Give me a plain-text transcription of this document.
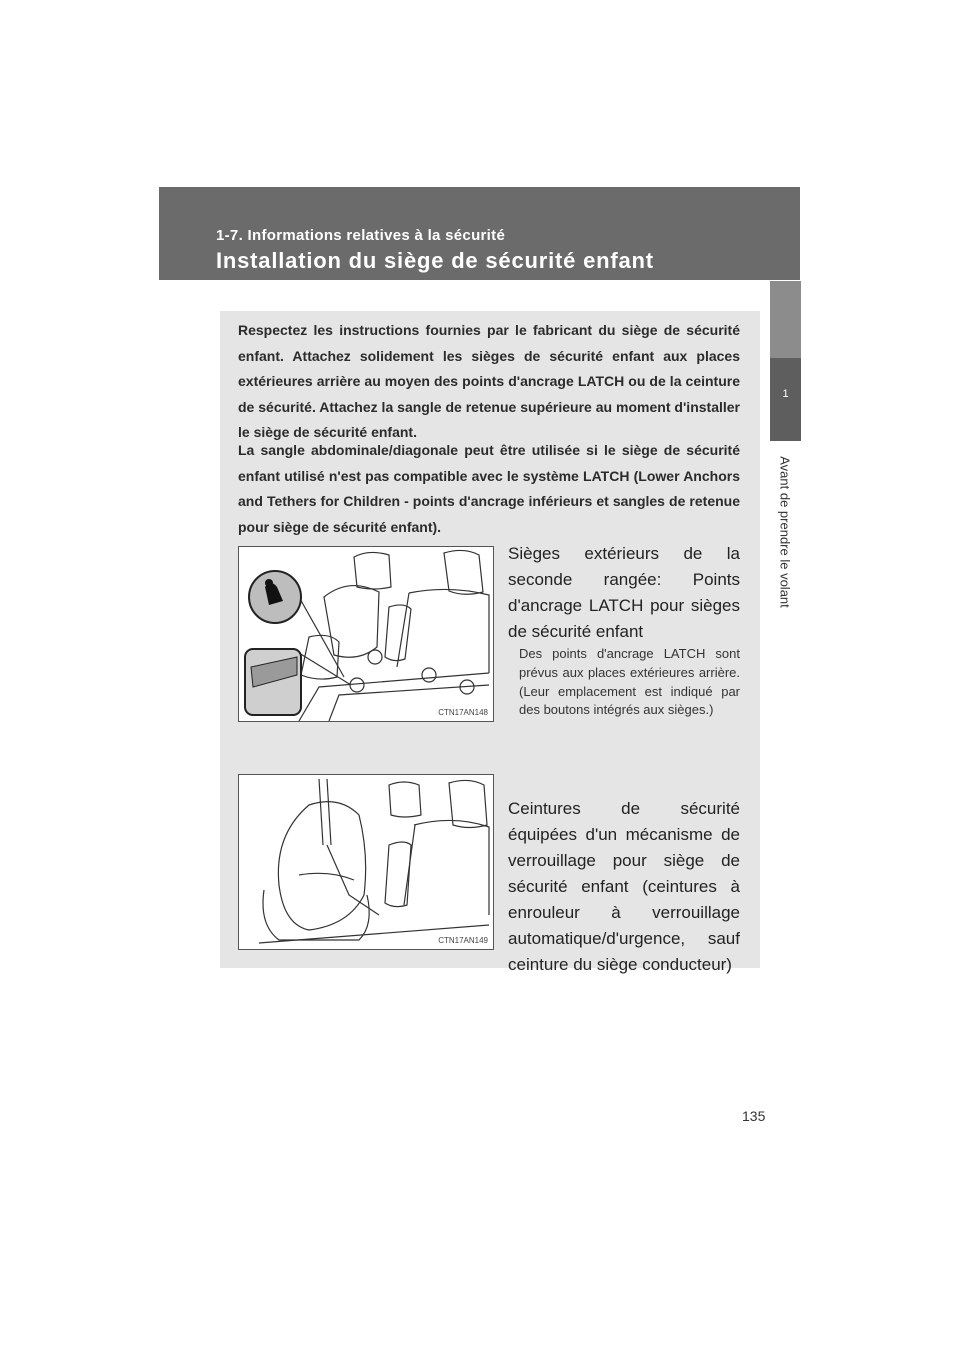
1-7. Informations relatives à la sécurité
Installation du siège de sécurité enfant
1
Avant de prendre le volant

Respectez les instructions fournies par le fabricant du siège de sécurité enfant. Attachez solidement les sièges de sécurité enfant aux places extérieures arrière au moyen des points d'ancrage LATCH ou de la ceinture de sécurité. Attachez la sangle de retenue supérieure au moment d'installer le siège de sécurité enfant.

La sangle abdominale/diagonale peut être utilisée si le siège de sécurité enfant utilisé n'est pas compatible avec le système LATCH (Lower Anchors and Tethers for Children - points d'ancrage inférieurs et sangles de retenue pour siège de sécurité enfant).

CTN17AN148

Sièges extérieurs de la seconde rangée: Points d'ancrage LATCH pour sièges de sécurité enfant

Des points d'ancrage LATCH sont prévus aux places extérieures arrière. (Leur emplacement est indiqué par des boutons intégrés aux sièges.)

CTN17AN149

Ceintures de sécurité équipées d'un mécanisme de verrouillage pour siège de sécurité enfant (ceintures à enrouleur à verrouillage automatique/d'urgence, sauf ceinture du siège conducteur)

135
